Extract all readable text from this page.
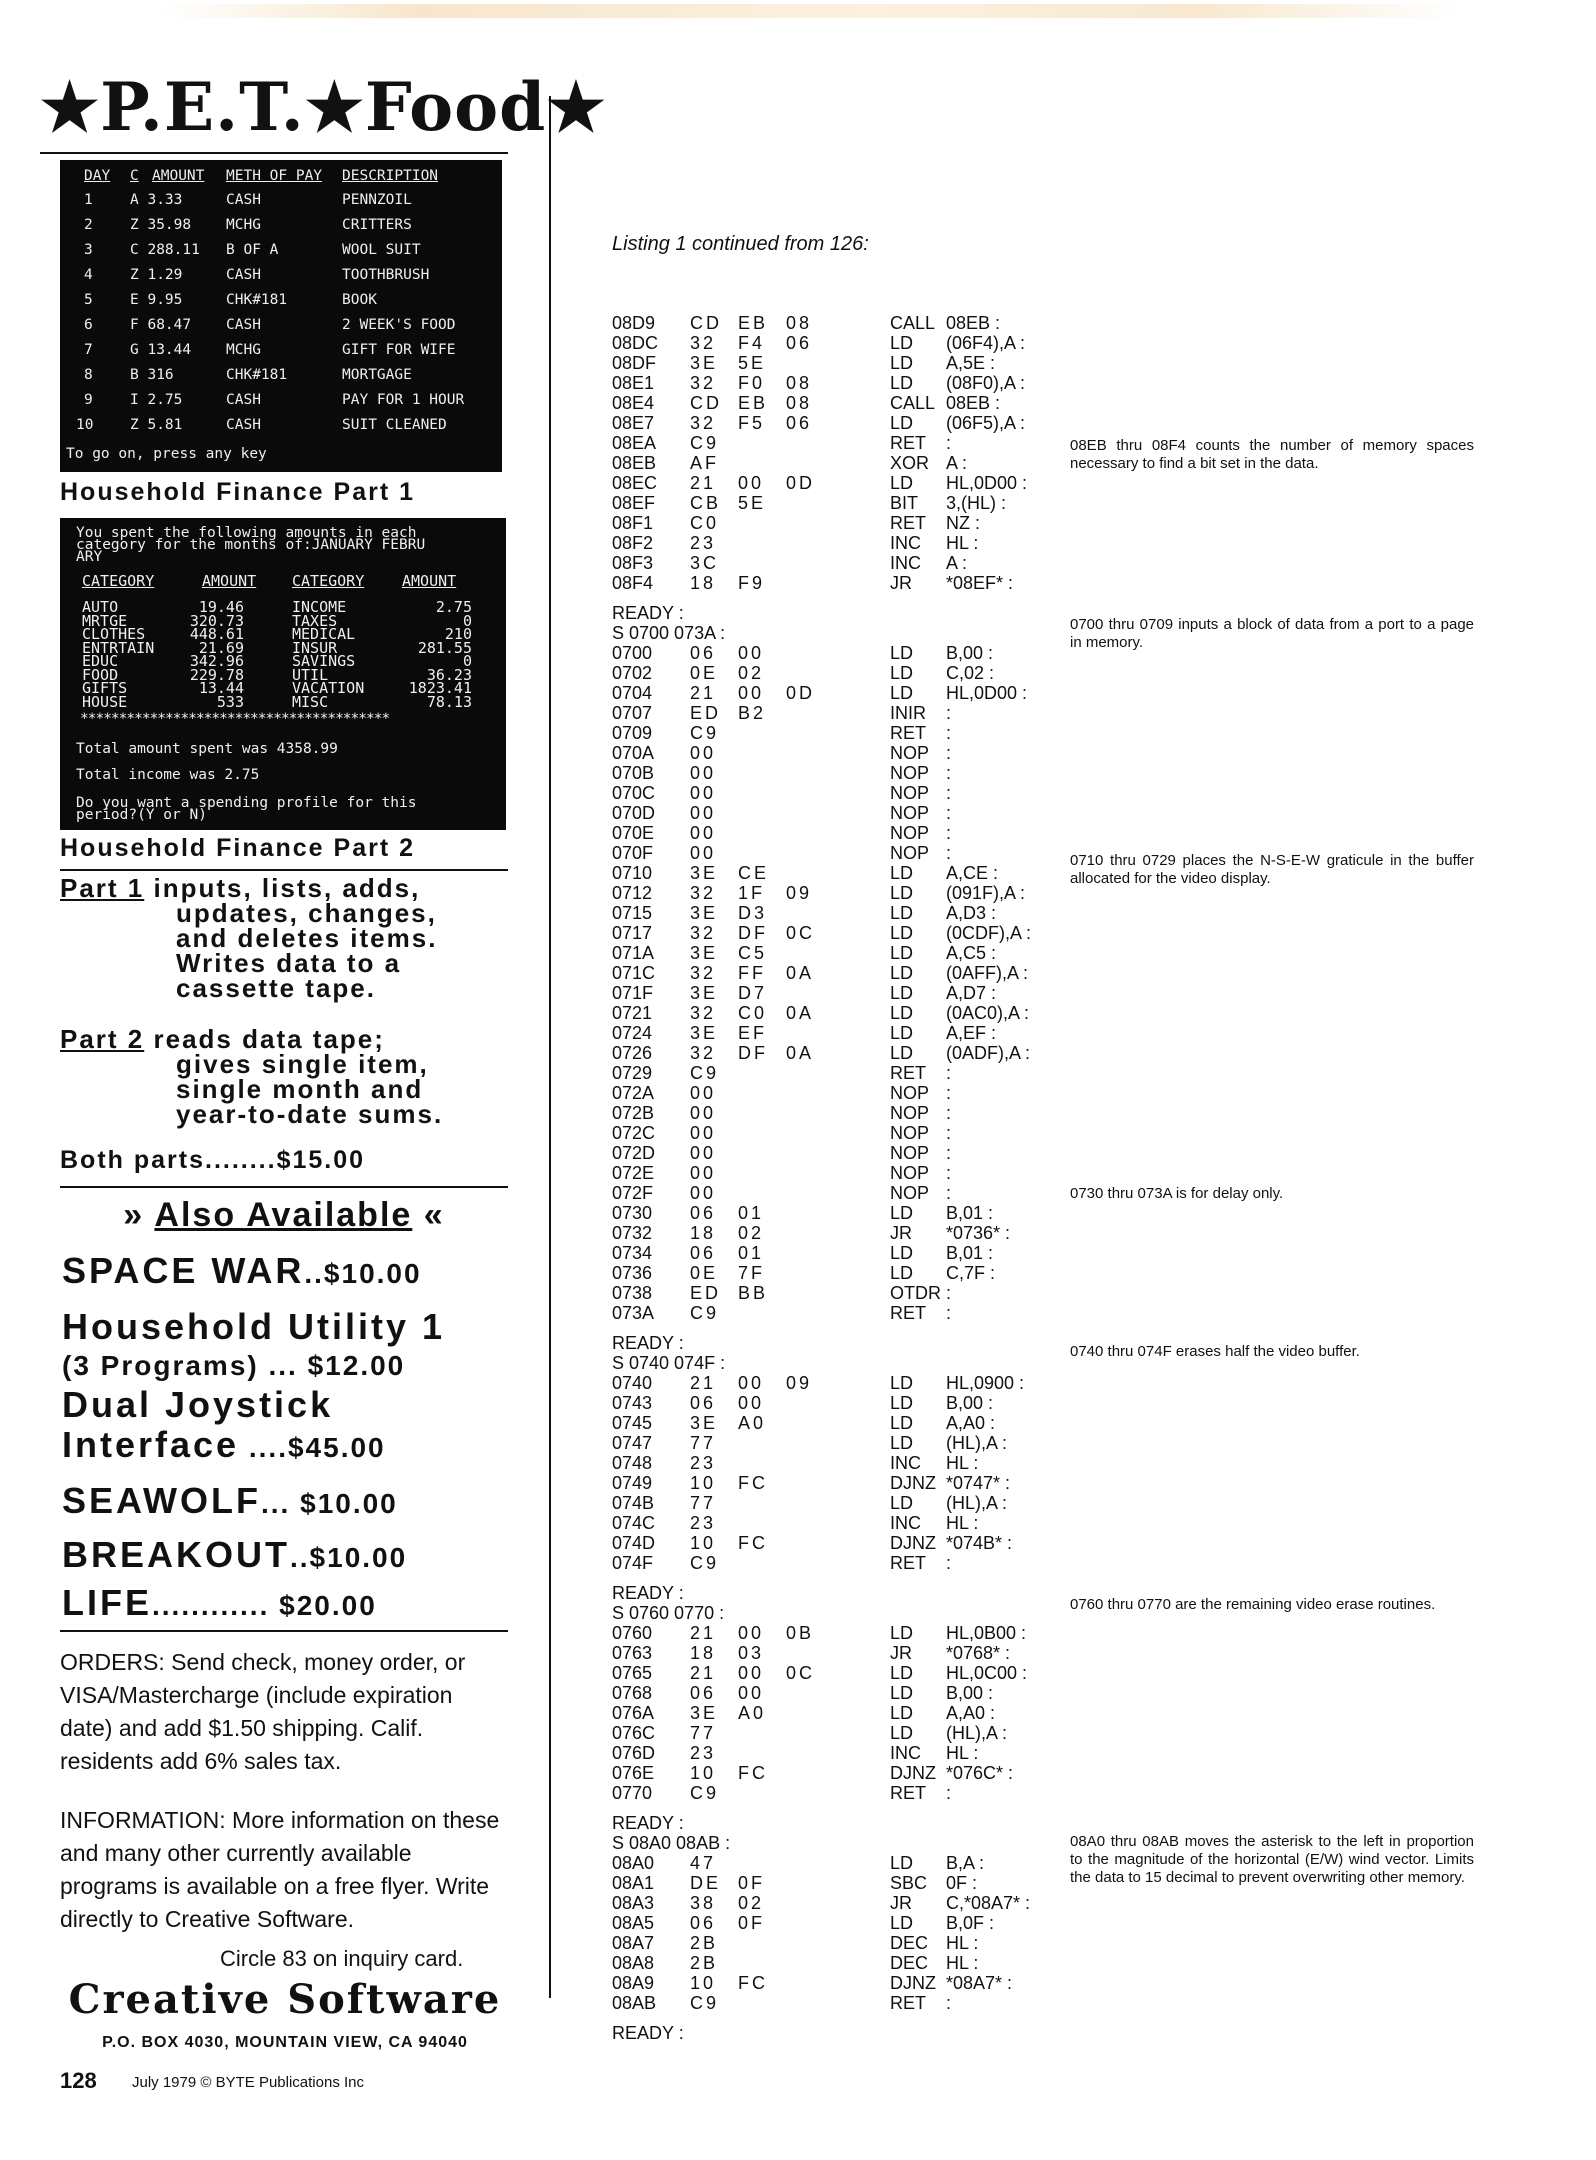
★P.E.T.★Food★
DAY C AMOUNT METH OF PAY DESCRIPTION
1	A 3.33	CASH	PENNZOIL
2	Z 35.98 MCHG	CRITTERS
3	C 288.11 B OF A	WOOL SUIT
4	Z 1.29	CASH	TOOTHBRUSH
5	E 9.95	CHK#181	BOOK
6	F 68.47 CASH	2 WEEK'S FOOD
7	G 13.44 MCHG	GIFT FOR WIFE
8	B 316	CHK#181	MORTGAGE
9	I 2.75	CASH	PAY FOR 1 HOUR
10	Z 5.81	CASH	SUIT CLEANED
To go on, press any key
Household Finance Part 1
You spent the following amounts in each
category for the months of:JANUARY FEBRU
ARY
CATEGORY	AMOUNT CATEGORY	AMOUNT
AUTO	19.46	INCOME	2.75
MRTGE	320.73	TAXES	0
CLOTHES	448.61	MEDICAL	210
ENTRTAIN	21.69	INSUR	281.55
EDUC	342.96	SAVINGS	0
FOOD	229.78	UTIL	36.23
GIFTS	13.44	VACATION	1823.41
HOUSE	533	MISC	78.13
****************************************
Total amount spent was 4358.99
Total income was 2.75
Do you want a spending profile for this
period?(Y or N)
Household Finance Part 2
Part 1 inputs, lists, adds,
updates, changes,
and deletes items.
Writes data to a
cassette tape.
Part 2 reads data tape;
gives single item,
single month and
year-to-date sums.
Both parts........$15.00
» Also Available «
SPACE WAR..$10.00
Household Utility 1
(3 Programs) ... $12.00
Dual Joystick
Interface ....$45.00
SEAWOLF... $10.00
BREAKOUT..$10.00
LIFE............ $20.00
ORDERS: Send check, money order, or VISA/Mastercharge (include expiration date) and add $1.50 shipping. Calif. residents add 6% sales tax.
INFORMATION: More information on these and many other currently available programs is available on a free flyer. Write directly to Creative Software.
Circle 83 on inquiry card.
Creative Software
P.O. BOX 4030, MOUNTAIN VIEW, CA 94040
128 July 1979 © BYTE Publications Inc
Listing 1 continued from 126:
08D9 CD EB 08	CALL 08EB :
08DC 32 F4 06	LD (06F4),A :
08DF 3E 5E	LD A,5E :
08E1 32 F0 08	LD (08F0),A :
08E4 CD EB 08	CALL 08EB :
08E7 32 F5 06	LD (06F5),A :
08EA C9	RET :
08EB AF	XOR A :
08EC 21 00 0D	LD HL,0D00 :
08EF CB 5E	BIT 3,(HL) :
08F1 C0	RET NZ :
08F2 23	INC HL :
08F3 3C	INC A :
08F4 18 F9	JR *08EF* :
READY :
S 0700 073A :
0700 06 00	LD B,00 :
0702 0E 02	LD C,02 :
0704 21 00 0D	LD HL,0D00 :
0707 ED B2	INIR :
0709 C9	RET :
070A 00	NOP :
070B 00	NOP :
070C 00	NOP :
070D 00	NOP :
070E 00	NOP :
070F 00	NOP :
0710 3E CE	LD A,CE :
0712 32 1F 09	LD (091F),A :
0715 3E D3	LD A,D3 :
0717 32 DF 0C	LD (0CDF),A :
071A 3E C5	LD A,C5 :
071C 32 FF 0A	LD (0AFF),A :
071F 3E D7	LD A,D7 :
0721 32 C0 0A	LD (0AC0),A :
0724 3E EF	LD A,EF :
0726 32 DF 0A	LD (0ADF),A :
0729 C9	RET :
072A 00	NOP :
072B 00	NOP :
072C 00	NOP :
072D 00	NOP :
072E 00	NOP :
072F 00	NOP :
0730 06 01	LD B,01 :
0732 18 02	JR *0736* :
0734 06 01	LD B,01 :
0736 0E 7F	LD C,7F :
0738 ED BB	OTDR :
073A C9	RET :
READY :
S 0740 074F :
0740 21 00 09	LD HL,0900 :
0743 06 00	LD B,00 :
0745 3E A0	LD A,A0 :
0747 77	LD (HL),A :
0748 23	INC HL :
0749 10 FC	DJNZ *0747* :
074B 77	LD (HL),A :
074C 23	INC HL :
074D 10 FC	DJNZ *074B* :
074F C9	RET :
READY :
S 0760 0770 :
0760 21 00 0B	LD HL,0B00 :
0763 18 03	JR *0768* :
0765 21 00 0C	LD HL,0C00 :
0768 06 00	LD B,00 :
076A 3E A0	LD A,A0 :
076C 77	LD (HL),A :
076D 23	INC HL :
076E 10 FC	DJNZ *076C* :
0770 C9	RET :
READY :
S 08A0 08AB :
08A0 47	LD B,A :
08A1 DE 0F	SBC 0F :
08A3 38 02	JR C,*08A7* :
08A5 06 0F	LD B,0F :
08A7 2B	DEC HL :
08A8 2B	DEC HL :
08A9 10 FC	DJNZ *08A7* :
08AB C9	RET :
READY :
08EB thru 08F4 counts the number of memory spaces necessary to find a bit set in the data.
0700 thru 0709 inputs a block of data from a port to a page in memory.
0710 thru 0729 places the N-S-E-W graticule in the buffer allocated for the video display.
0730 thru 073A is for delay only.
0740 thru 074F erases half the video buffer.
0760 thru 0770 are the remaining video erase routines.
08A0 thru 08AB moves the asterisk to the left in proportion to the magnitude of the horizontal (E/W) wind vector. Limits the data to 15 decimal to prevent overwriting other memory.
